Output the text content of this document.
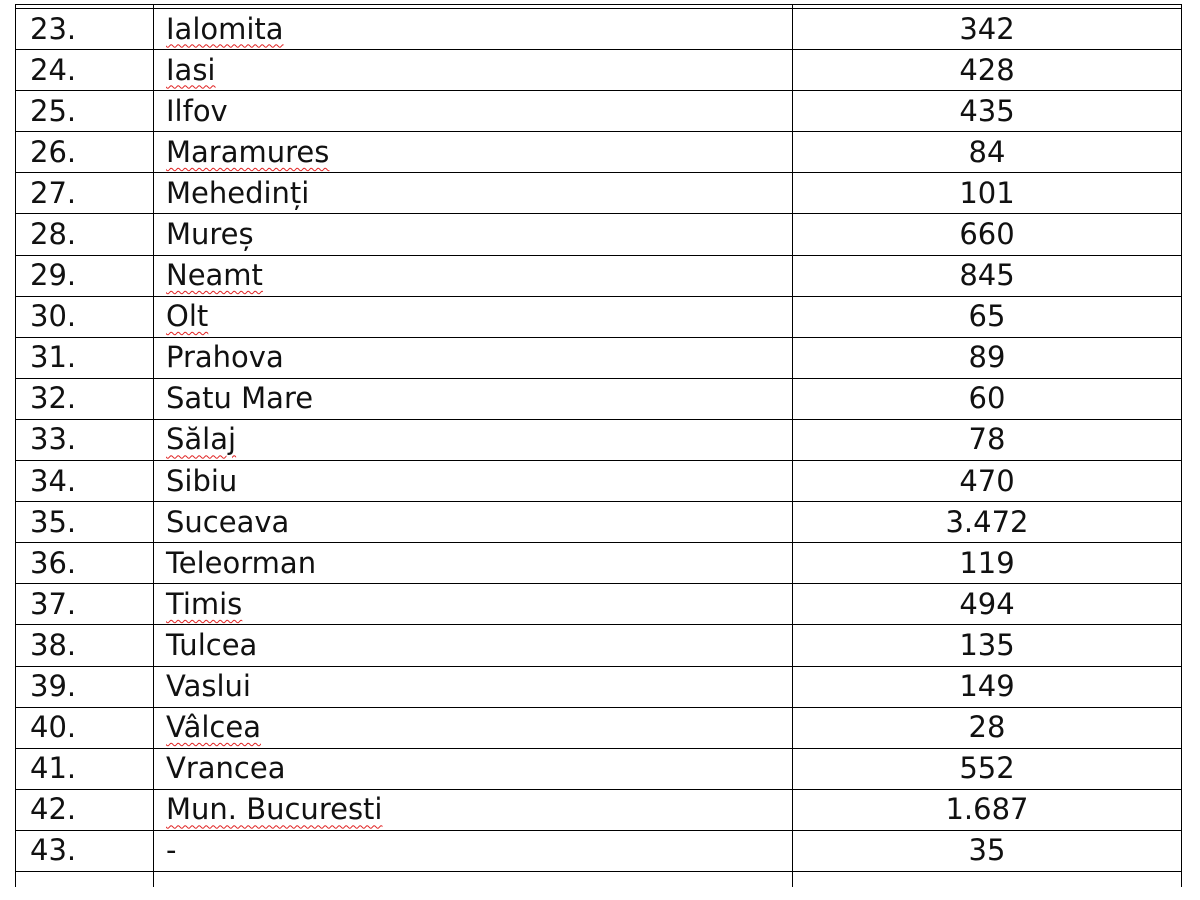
23.	Ialomita	342
24.	Iasi	428
25.	Ilfov	435
26.	Maramures	84
27.	Mehedinți	101
28.	Mureș	660
29.	Neamt	845
30.	Olt	65
31.	Prahova	89
32.	Satu Mare	60
33.	Sălaj	78
34.	Sibiu	470
35.	Suceava	3.472
36.	Teleorman	119
37.	Timis	494
38.	Tulcea	135
39.	Vaslui	149
40.	Vâlcea	28
41.	Vrancea	552
42.	Mun. Bucuresti	1.687
43.	-	35
